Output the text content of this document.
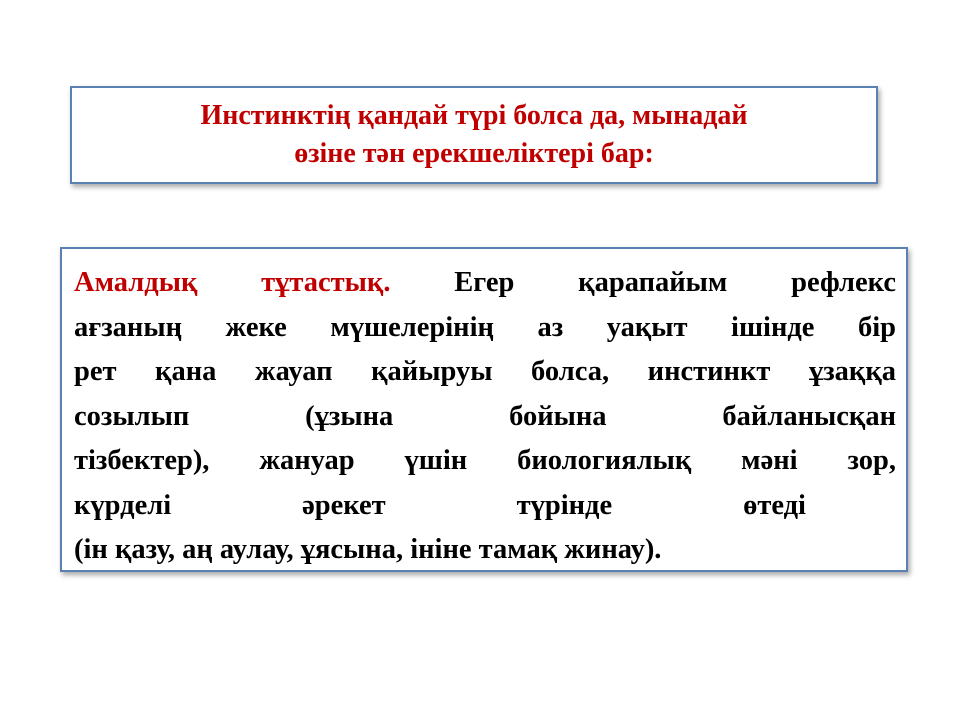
Инстинктің қандай түрі болса да, мынадай
өзіне тән ерекшеліктері бар:
Амалдық тұтастық. Егер қарапайым рефлекс
ағзаның жеке мүшелерінің аз уақыт ішінде бір
рет қана жауап қайыруы болса, инстинкт ұзаққа
созылып (ұзына бойына байланысқан
тізбектер), жануар үшін биологиялық мәні зор,
күрделі	әрекет	түрінде	өтеді
(ін қазу, аң аулау, ұясына, iнiне тамақ жинау).
